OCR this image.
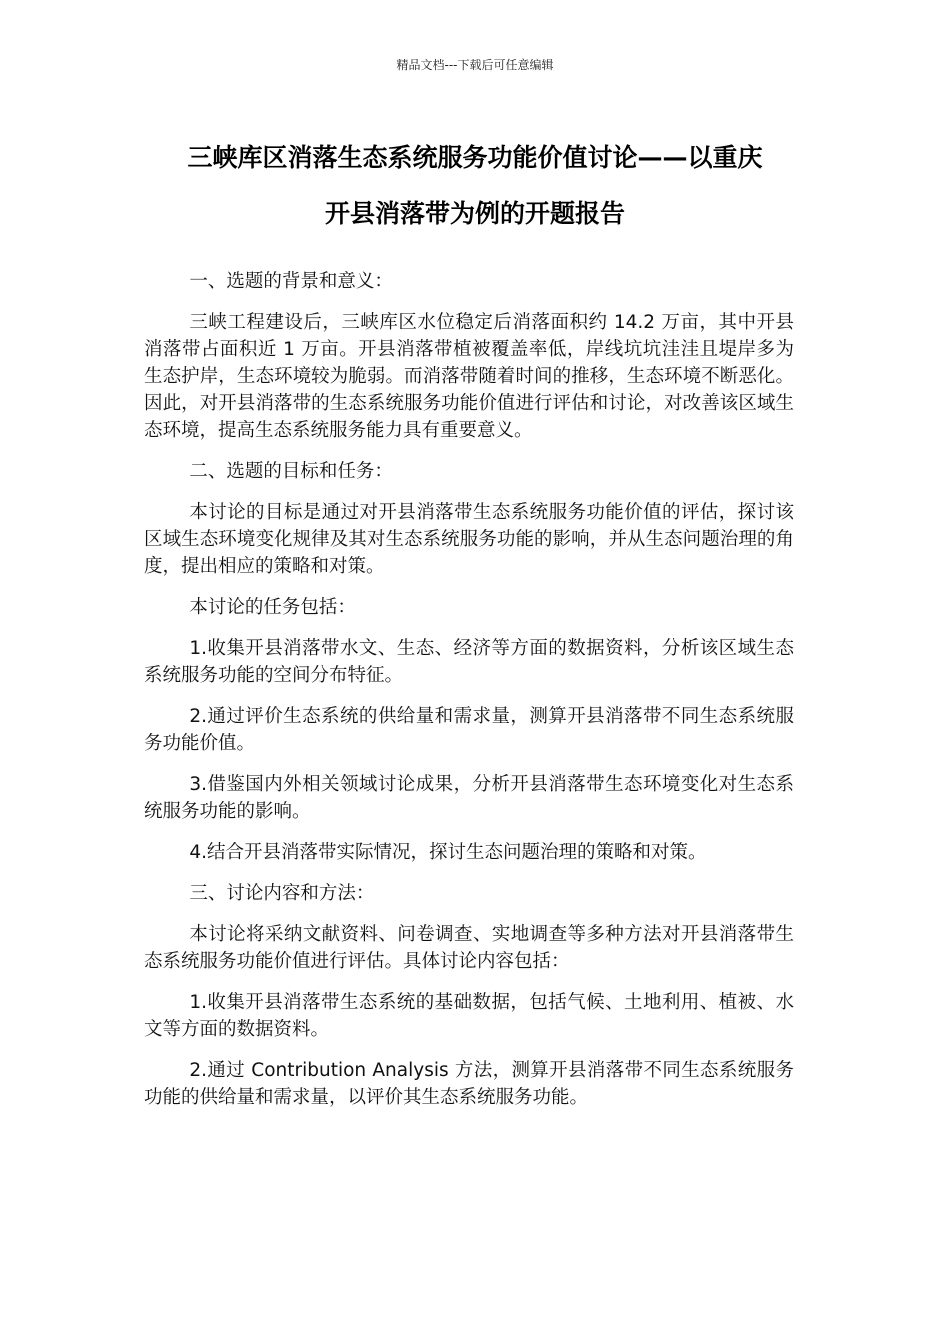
精品文档---下载后可任意编辑
三峡库区消落生态系统服务功能价值讨论——以重庆
开县消落带为例的开题报告

一、选题的背景和意义：

三峡工程建设后，三峡库区水位稳定后消落面积约 14.2 万亩，其中开县消落带占面积近 1 万亩。开县消落带植被覆盖率低，岸线坑坑洼洼且堤岸多为生态护岸，生态环境较为脆弱。而消落带随着时间的推移，生态环境不断恶化。因此，对开县消落带的生态系统服务功能价值进行评估和讨论，对改善该区域生态环境，提高生态系统服务能力具有重要意义。

二、选题的目标和任务：

本讨论的目标是通过对开县消落带生态系统服务功能价值的评估，探讨该区域生态环境变化规律及其对生态系统服务功能的影响，并从生态问题治理的角度，提出相应的策略和对策。

本讨论的任务包括：

1.收集开县消落带水文、生态、经济等方面的数据资料，分析该区域生态系统服务功能的空间分布特征。

2.通过评价生态系统的供给量和需求量，测算开县消落带不同生态系统服务功能价值。

3.借鉴国内外相关领域讨论成果，分析开县消落带生态环境变化对生态系统服务功能的影响。

4.结合开县消落带实际情况，探讨生态问题治理的策略和对策。

三、讨论内容和方法：

本讨论将采纳文献资料、问卷调查、实地调查等多种方法对开县消落带生态系统服务功能价值进行评估。具体讨论内容包括：

1.收集开县消落带生态系统的基础数据，包括气候、土地利用、植被、水文等方面的数据资料。

2.通过 Contribution Analysis 方法，测算开县消落带不同生态系统服务功能的供给量和需求量，以评价其生态系统服务功能。
